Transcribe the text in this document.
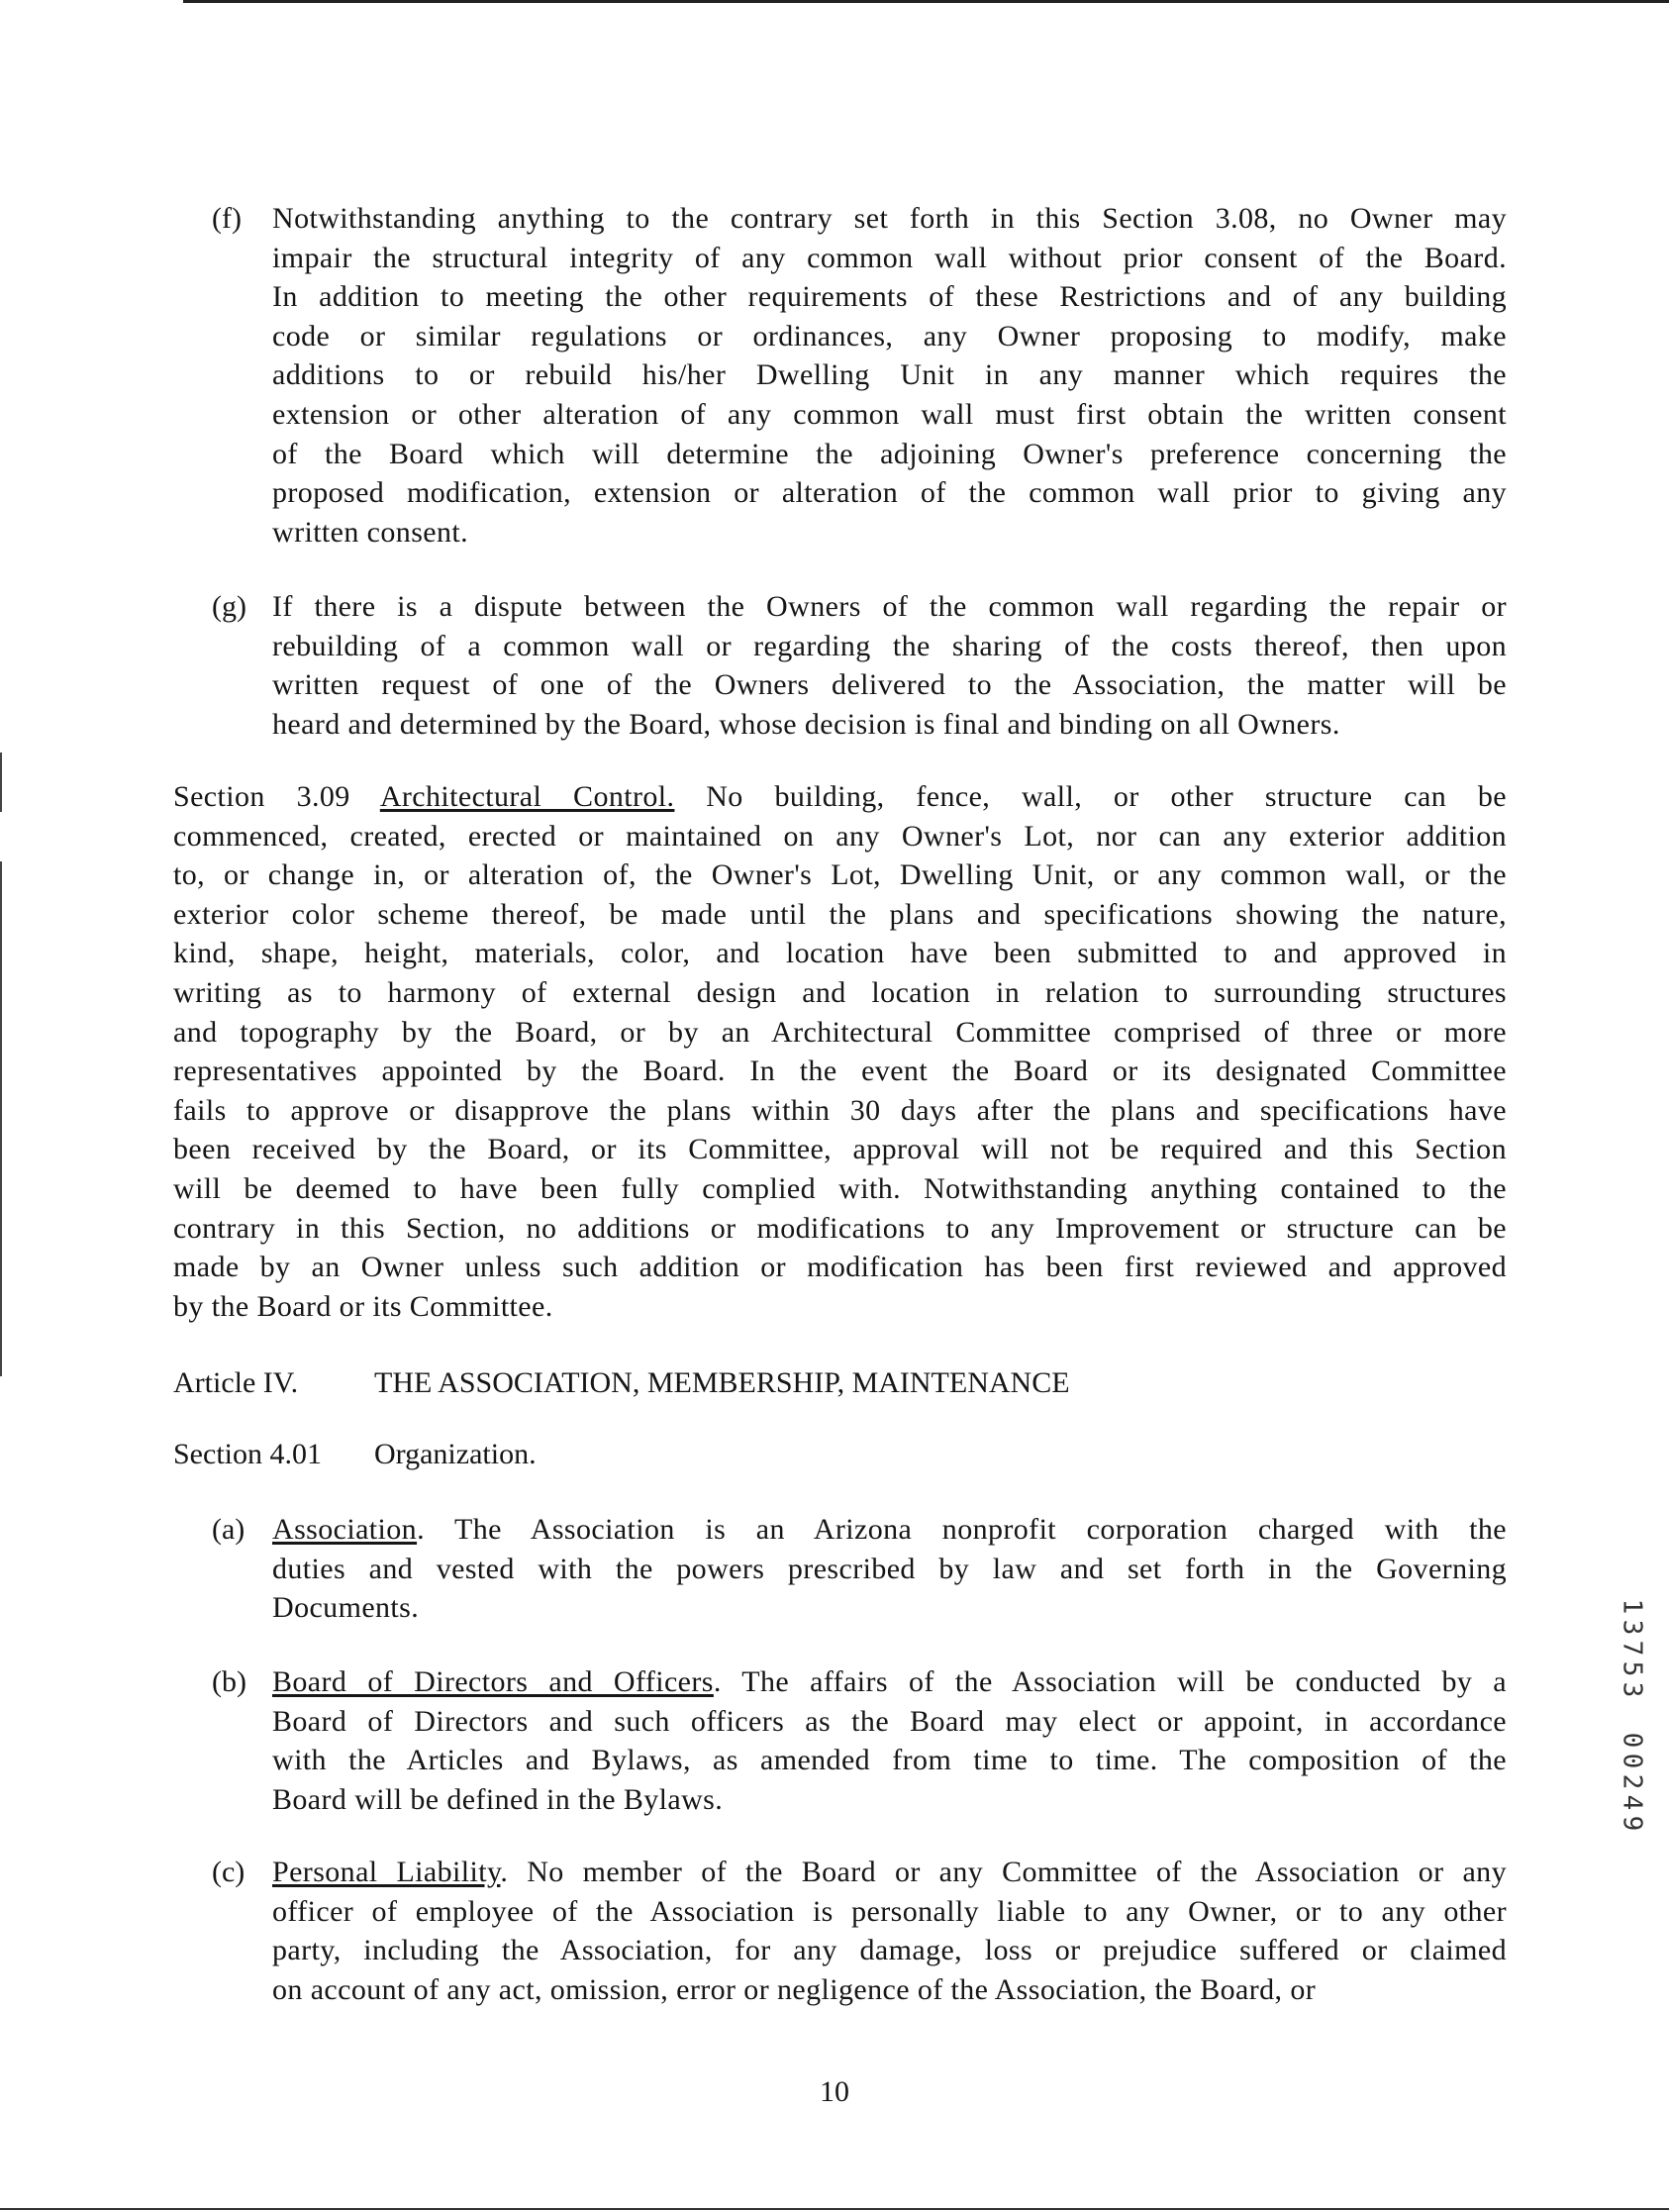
(f) Notwithstanding anything to the contrary set forth in this Section 3.08, no Owner may
impair the structural integrity of any common wall without prior consent of the Board.
In addition to meeting the other requirements of these Restrictions and of any building
code or similar regulations or ordinances, any Owner proposing to modify, make
additions to or rebuild his/her Dwelling Unit in any manner which requires the
extension or other alteration of any common wall must first obtain the written consent
of the Board which will determine the adjoining Owner's preference concerning the
proposed modification, extension or alteration of the common wall prior to giving any
written consent.
(g) If there is a dispute between the Owners of the common wall regarding the repair or
rebuilding of a common wall or regarding the sharing of the costs thereof, then upon
written request of one of the Owners delivered to the Association, the matter will be
heard and determined by the Board, whose decision is final and binding on all Owners.
Section 3.09 Architectural Control. No building, fence, wall, or other structure can be
commenced, created, erected or maintained on any Owner's Lot, nor can any exterior addition
to, or change in, or alteration of, the Owner's Lot, Dwelling Unit, or any common wall, or the
exterior color scheme thereof, be made until the plans and specifications showing the nature,
kind, shape, height, materials, color, and location have been submitted to and approved in
writing as to harmony of external design and location in relation to surrounding structures
and topography by the Board, or by an Architectural Committee comprised of three or more
representatives appointed by the Board. In the event the Board or its designated Committee
fails to approve or disapprove the plans within 30 days after the plans and specifications have
been received by the Board, or its Committee, approval will not be required and this Section
will be deemed to have been fully complied with. Notwithstanding anything contained to the
contrary in this Section, no additions or modifications to any Improvement or structure can be
made by an Owner unless such addition or modification has been first reviewed and approved
by the Board or its Committee.
(a) Association. The Association is an Arizona nonprofit corporation charged with the
duties and vested with the powers prescribed by law and set forth in the Governing
Documents.
(b) Board of Directors and Officers. The affairs of the Association will be conducted by a
Board of Directors and such officers as the Board may elect or appoint, in accordance
with the Articles and Bylaws, as amended from time to time. The composition of the
Board will be defined in the Bylaws.
(c) Personal Liability. No member of the Board or any Committee of the Association or any
officer of employee of the Association is personally liable to any Owner, or to any other
party, including the Association, for any damage, loss or prejudice suffered or claimed
on account of any act, omission, error or negligence of the Association, the Board, or
Article IV.	THE ASSOCIATION, MEMBERSHIP, MAINTENANCE
Section 4.01 Organization.
1
3
7
5
3
0
0
2
4
9
10
